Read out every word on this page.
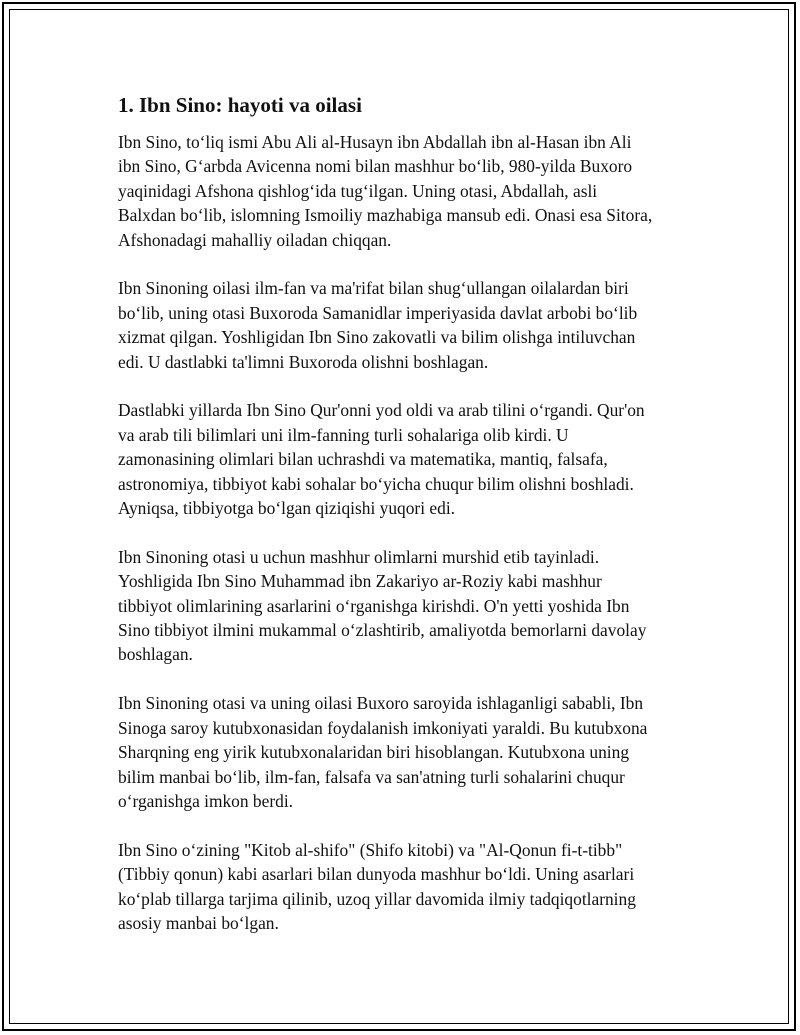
1. Ibn Sino: hayoti va oilasi

Ibn Sino, to‘liq ismi Abu Ali al-Husayn ibn Abdallah ibn al-Hasan ibn Ali
ibn Sino, G‘arbda Avicenna nomi bilan mashhur bo‘lib, 980-yilda Buxoro
yaqinidagi Afshona qishlog‘ida tug‘ilgan. Uning otasi, Abdallah, asli
Balxdan bo‘lib, islomning Ismoiliy mazhabiga mansub edi. Onasi esa Sitora,
Afshonadagi mahalliy oiladan chiqqan.

Ibn Sinoning oilasi ilm-fan va ma'rifat bilan shug‘ullangan oilalardan biri
bo‘lib, uning otasi Buxoroda Samanidlar imperiyasida davlat arbobi bo‘lib
xizmat qilgan. Yoshligidan Ibn Sino zakovatli va bilim olishga intiluvchan
edi. U dastlabki ta'limni Buxoroda olishni boshlagan.

Dastlabki yillarda Ibn Sino Qur'onni yod oldi va arab tilini o‘rgandi. Qur'on
va arab tili bilimlari uni ilm-fanning turli sohalariga olib kirdi. U
zamonasining olimlari bilan uchrashdi va matematika, mantiq, falsafa,
astronomiya, tibbiyot kabi sohalar bo‘yicha chuqur bilim olishni boshladi.
Ayniqsa, tibbiyotga bo‘lgan qiziqishi yuqori edi.

Ibn Sinoning otasi u uchun mashhur olimlarni murshid etib tayinladi.
Yoshligida Ibn Sino Muhammad ibn Zakariyo ar-Roziy kabi mashhur
tibbiyot olimlarining asarlarini o‘rganishga kirishdi. O'n yetti yoshida Ibn
Sino tibbiyot ilmini mukammal o‘zlashtirib, amaliyotda bemorlarni davolay
boshlagan.

Ibn Sinoning otasi va uning oilasi Buxoro saroyida ishlaganligi sababli, Ibn
Sinoga saroy kutubxonasidan foydalanish imkoniyati yaraldi. Bu kutubxona
Sharqning eng yirik kutubxonalaridan biri hisoblangan. Kutubxona uning
bilim manbai bo‘lib, ilm-fan, falsafa va san'atning turli sohalarini chuqur
o‘rganishga imkon berdi.

Ibn Sino o‘zining "Kitob al-shifo" (Shifo kitobi) va "Al-Qonun fi-t-tibb"
(Tibbiy qonun) kabi asarlari bilan dunyoda mashhur bo‘ldi. Uning asarlari
ko‘plab tillarga tarjima qilinib, uzoq yillar davomida ilmiy tadqiqotlarning
asosiy manbai bo‘lgan.
